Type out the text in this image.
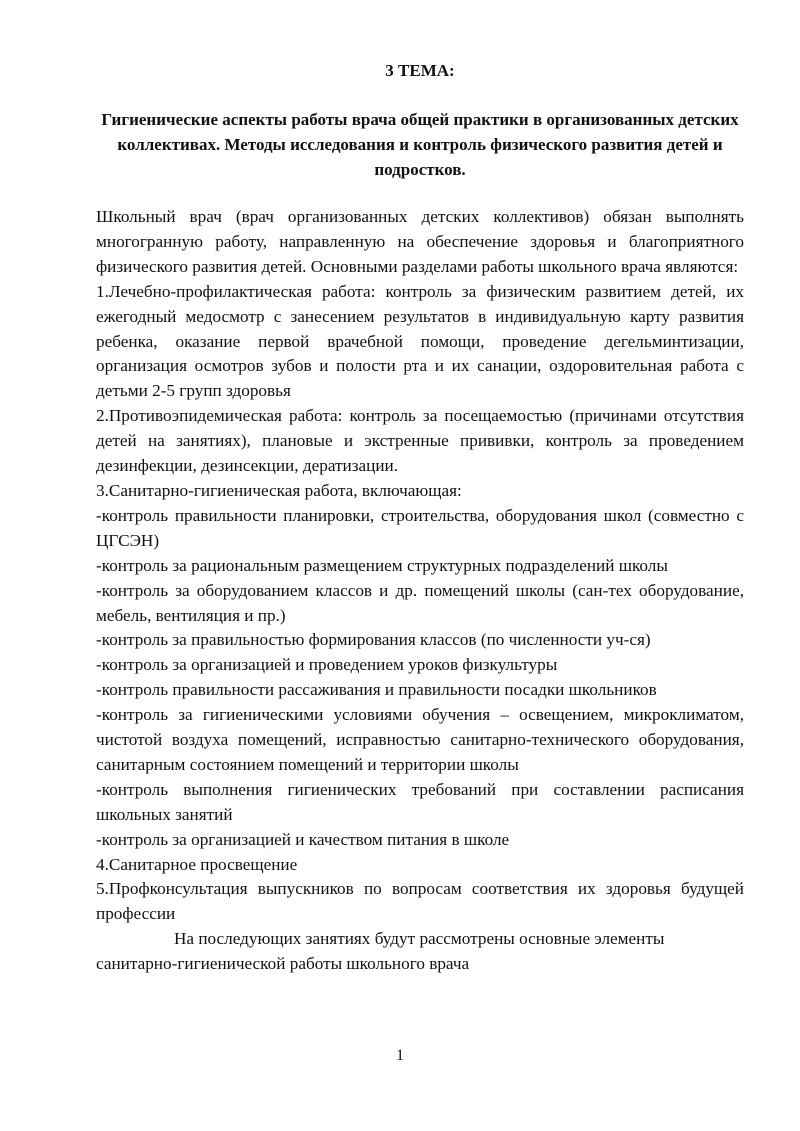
3 ТЕМА:
Гигиенические аспекты работы врача общей практики в организованных детских коллективах. Методы исследования и контроль физического развития детей и подростков.

Школьный врач (врач организованных детских коллективов) обязан выполнять многогранную работу, направленную на обеспечение здоровья и благоприятного физического развития детей. Основными разделами работы школьного врача являются:

1.Лечебно-профилактическая работа: контроль за физическим развитием детей, их ежегодный медосмотр с занесением результатов в индивидуальную карту развития ребенка, оказание первой врачебной помощи, проведение дегельминтизации, организация осмотров зубов и полости рта и их санации, оздоровительная работа с детьми 2-5 групп здоровья

2.Противоэпидемическая работа: контроль за посещаемостью (причинами отсутствия детей на занятиях), плановые и экстренные прививки, контроль за проведением дезинфекции, дезинсекции, дератизации.

3.Санитарно-гигиеническая работа, включающая:

-контроль правильности планировки, строительства, оборудования школ (совместно с ЦГСЭН)

-контроль за рациональным размещением структурных подразделений школы

-контроль за оборудованием классов и др. помещений школы (сан-тех оборудование, мебель, вентиляция и пр.)

-контроль за правильностью формирования классов (по численности уч-ся)

-контроль за организацией и проведением уроков физкультуры

-контроль правильности рассаживания и правильности посадки школьников

-контроль за гигиеническими условиями обучения – освещением, микроклиматом, чистотой воздуха помещений, исправностью санитарно-технического оборудования, санитарным состоянием помещений и территории школы

-контроль выполнения гигиенических требований при составлении расписания школьных занятий

-контроль за организацией и качеством питания в школе

4.Санитарное просвещение

5.Профконсультация выпускников по вопросам соответствия их здоровья будущей профессии

На последующих занятиях будут рассмотрены основные элементы санитарно-гигиенической работы школьного врача

1
